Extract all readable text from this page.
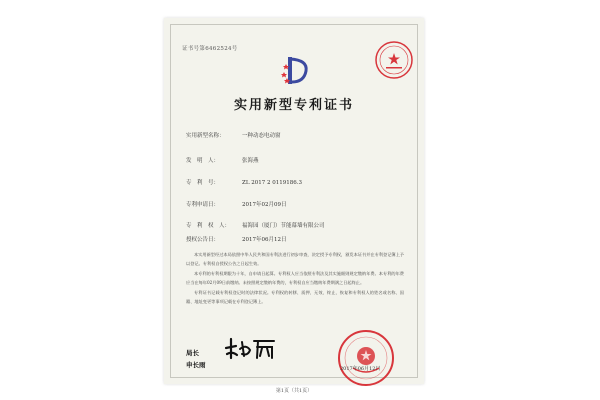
证书号第6462524号
实用新型专利证书
实用新型名称：	一种动态电动窗
发　明　人：	张海燕
专　利　号：	ZL 2017 2 0119186.3
专利申请日：	2017年02月09日
专　利　权　人： 福海园（厦门）节能幕墙有限公司
授权公告日：	2017年06月12日

本实用新型经过本局依照中华人民共和国专利法进行初步审查，决定授予专利权，颁发本证书并在专利登记簿上予以登记。专利权自授权公告之日起生效。

本专利的专利权期限为十年，自申请日起算。专利权人应当依照专利法及其实施细则规定缴纳年费。本专利的年费应当在每年02月09日前缴纳。未按照规定缴纳年费的，专利权自应当缴纳年费期满之日起终止。

专利证书记载专利权登记时的法律状况。专利权的转移、质押、无效、终止、恢复和专利权人的姓名或名称、国籍、地址变更等事项记载在专利登记簿上。

局长
申长雨	2017年06月12日
第1页（共1页）
